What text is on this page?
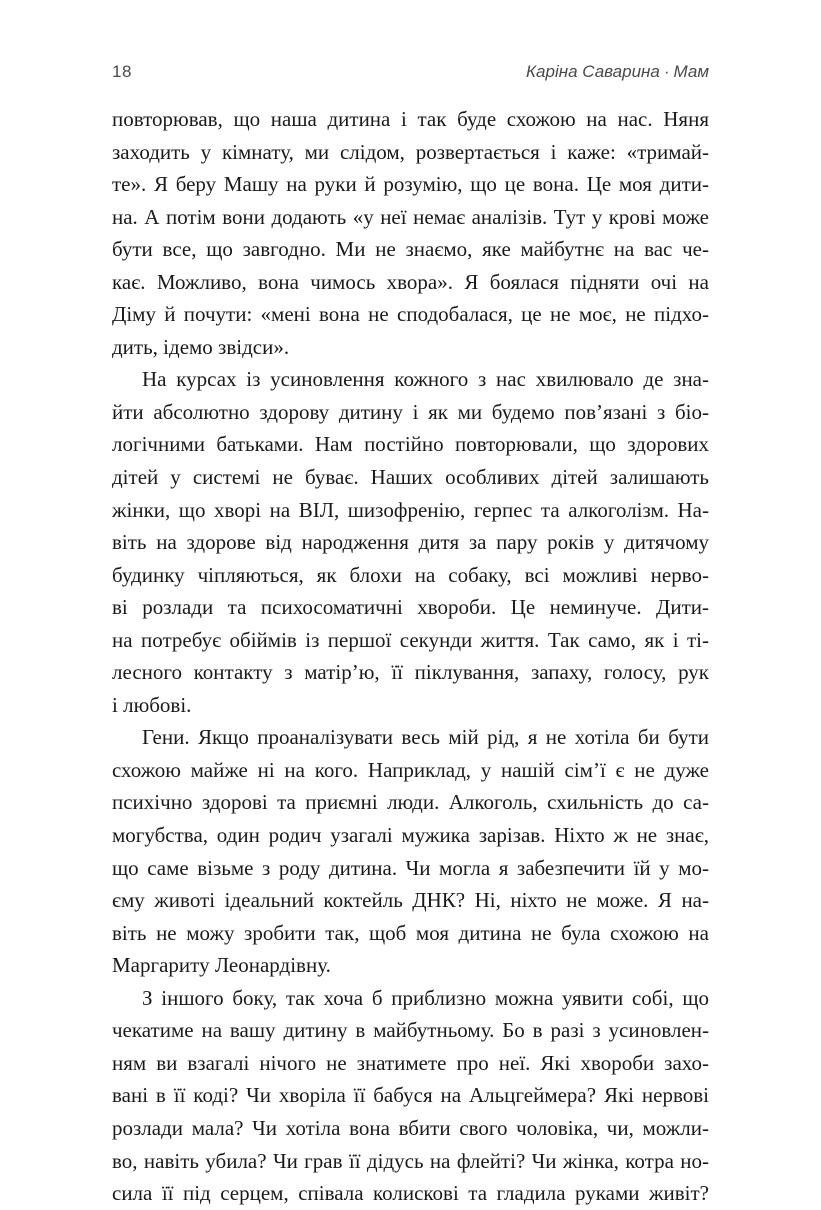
18	Каріна Саварина · Мам
повторював, що наша дитина і так буде схожою на нас. Няня
заходить у кімнату, ми слідом, розвертається і каже: «тримай-
те». Я беру Машу на руки й розумію, що це вона. Це моя дити-
на. А потім вони додають «у неї немає аналізів. Тут у крові може
бути все, що завгодно. Ми не знаємо, яке майбутнє на вас че-
кає. Можливо, вона чимось хвора». Я боялася підняти очі на
Діму й почути: «мені вона не сподобалася, це не моє, не підхо-
дить, ідемо звідси».
На курсах із усиновлення кожного з нас хвилювало де зна-
йти абсолютно здорову дитину і як ми будемо пов’язані з біо-
логічними батьками. Нам постійно повторювали, що здорових
дітей у системі не буває. Наших особливих дітей залишають
жінки, що хворі на ВІЛ, шизофренію, герпес та алкоголізм. На-
віть на здорове від народження дитя за пару років у дитячому
будинку чіпляються, як блохи на собаку, всі можливі нерво-
ві розлади та психосоматичні хвороби. Це неминуче. Дити-
на потребує обіймів із першої секунди життя. Так само, як і ті-
лесного контакту з матір’ю, її піклування, запаху, голосу, рук
і любові.
Гени. Якщо проаналізувати весь мій рід, я не хотіла би бути
схожою майже ні на кого. Наприклад, у нашій сім’ї є не дуже
психічно здорові та приємні люди. Алкоголь, схильність до са-
могубства, один родич узагалі мужика зарізав. Ніхто ж не знає,
що саме візьме з роду дитина. Чи могла я забезпечити їй у мо-
єму животі ідеальний коктейль ДНК? Ні, ніхто не може. Я на-
віть не можу зробити так, щоб моя дитина не була схожою на
Маргариту Леонардівну.
З іншого боку, так хоча б приблизно можна уявити собі, що
чекатиме на вашу дитину в майбутньому. Бо в разі з усиновлен-
ням ви взагалі нічого не знатимете про неї. Які хвороби захо-
вані в її коді? Чи хворіла її бабуся на Альцгеймера? Які нервові
розлади мала? Чи хотіла вона вбити свого чоловіка, чи, можли-
во, навіть убила? Чи грав її дідусь на флейті? Чи жінка, котра но-
сила її під серцем, співала колискові та гладила руками живіт?
